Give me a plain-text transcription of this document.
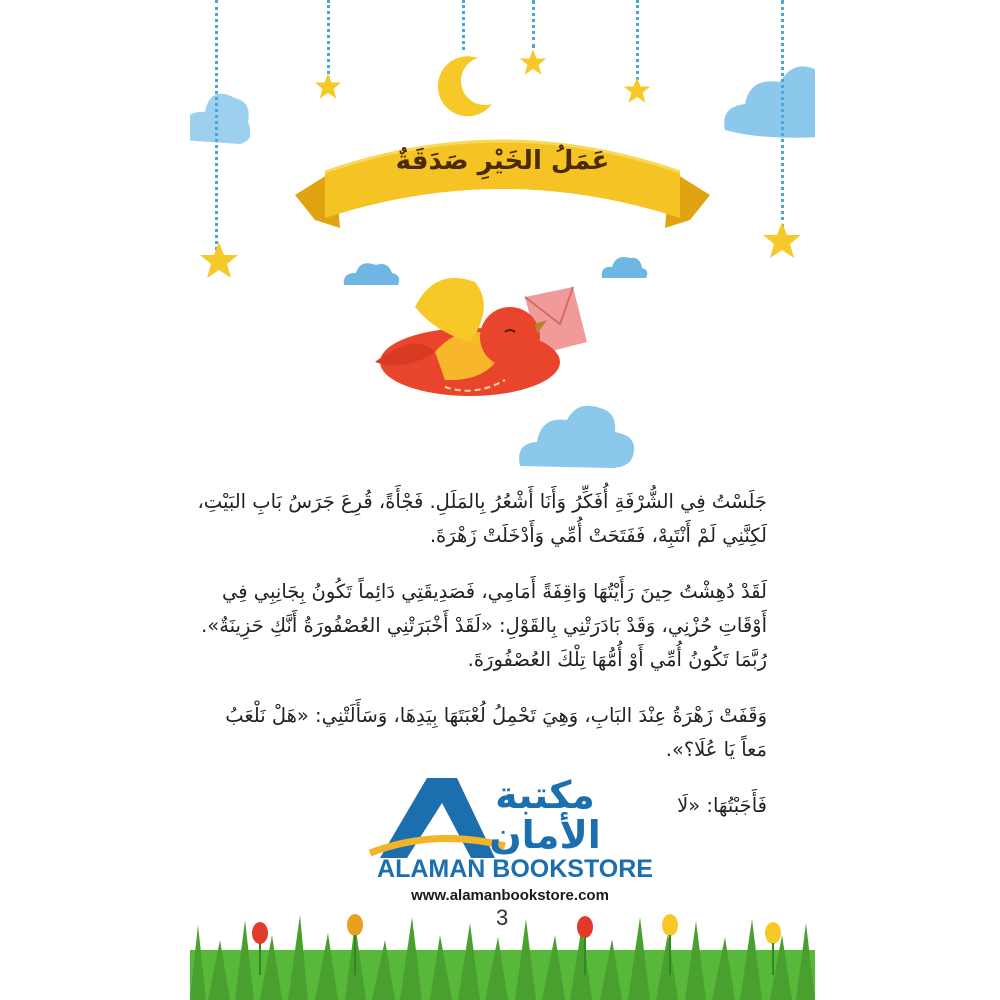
عَمَلُ الخَيْرِ صَدَقَةٌ
جَلَسْتُ فِي الشُّرْفَةِ أُفَكِّرُ وَأَنَا أَشْعُرُ بِالمَلَلِ. فَجْأَةً، قُرِعَ جَرَسُ بَابِ البَيْتِ،
لَكِنَّنِي لَمْ أَنْتَبِهْ، فَفَتَحَتْ أُمِّي وَأَدْخَلَتْ زَهْرَةَ.
لَقَدْ دُهِشْتُ حِينَ رَأَيْتُهَا وَاقِفَةً أَمَامِي، فَصَدِيقَتِي دَائِماً تَكُونُ بِجَانِبِي فِي
أَوْقَاتِ حُزْنِي، وَقَدْ بَادَرَتْنِي بِالقَوْلِ: «لَقَدْ أَخْبَرَتْنِي العُصْفُورَةُ أَنَّكِ حَزِينَةٌ».
رُبَّمَا تَكُونُ أُمِّي أَوْ أُمُّهَا تِلْكَ العُصْفُورَةَ.
وَقَفَتْ زَهْرَةُ عِنْدَ البَابِ، وَهِيَ تَحْمِلُ لُعْبَتَهَا بِيَدِهَا، وَسَأَلَتْنِي: «هَلْ نَلْعَبُ
مَعاً يَا عُلَا؟».
فَأَجَبْتُهَا: «لَا
مكتبة
الأمان
ALAMAN BOOKSTORE
www.alamanbookstore.com
3
